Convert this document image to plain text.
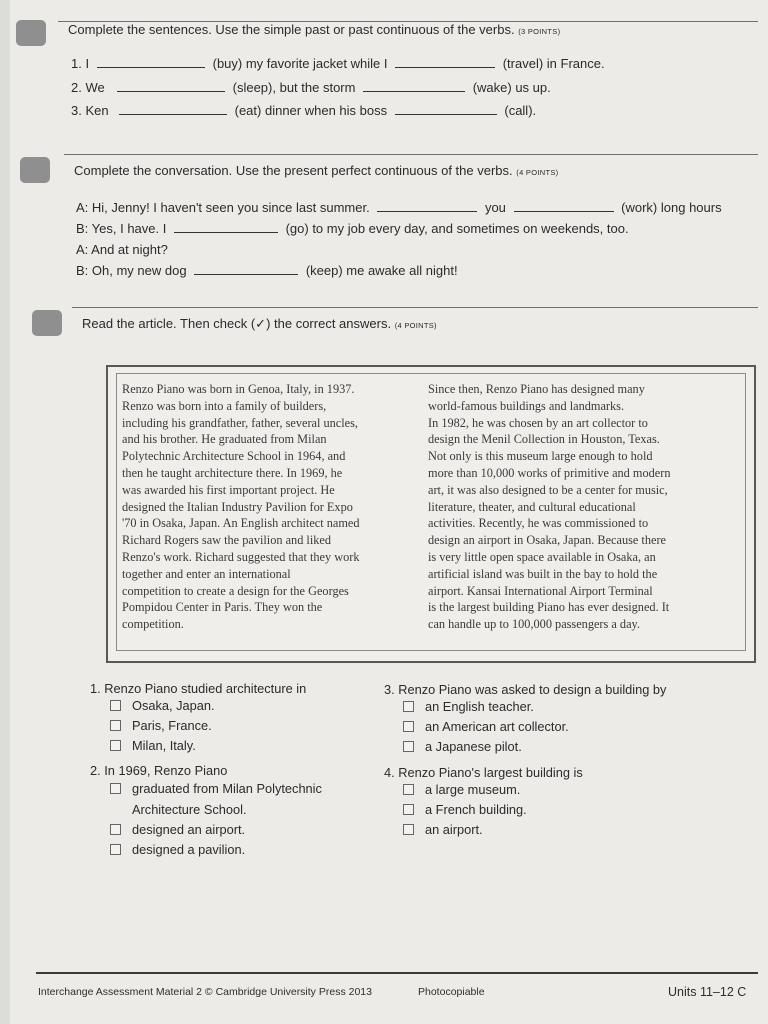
Complete the sentences. Use the simple past or past continuous of the verbs. (3 POINTS)
1. I	(buy) my favorite jacket while I	(travel) in France.
2. We	(sleep), but the storm	(wake) us up.
3. Ken	(eat) dinner when his boss	(call).
Complete the conversation. Use the present perfect continuous of the verbs. (4 POINTS)
A: Hi, Jenny! I haven't seen you since last summer.	you	(work) long hours
B: Yes, I have. I	(go) to my job every day, and sometimes on weekends, too.
A: And at night?
B: Oh, my new dog	(keep) me awake all night!
Read the article. Then check (✓) the correct answers. (4 POINTS)
Renzo Piano was born in Genoa, Italy, in 1937.
Renzo was born into a family of builders,
including his grandfather, father, several uncles,
and his brother. He graduated from Milan
Polytechnic Architecture School in 1964, and
then he taught architecture there. In 1969, he
was awarded his first important project. He
designed the Italian Industry Pavilion for Expo
'70 in Osaka, Japan. An English architect named
Richard Rogers saw the pavilion and liked
Renzo's work. Richard suggested that they work
together and enter an international
competition to create a design for the Georges
Pompidou Center in Paris. They won the
competition.
Since then, Renzo Piano has designed many
world-famous buildings and landmarks.
In 1982, he was chosen by an art collector to
design the Menil Collection in Houston, Texas.
Not only is this museum large enough to hold
more than 10,000 works of primitive and modern
art, it was also designed to be a center for music,
literature, theater, and cultural educational
activities. Recently, he was commissioned to
design an airport in Osaka, Japan. Because there
is very little open space available in Osaka, an
artificial island was built in the bay to hold the
airport. Kansai International Airport Terminal
is the largest building Piano has ever designed. It
can handle up to 100,000 passengers a day.
1. Renzo Piano studied architecture in
Osaka, Japan.
Paris, France.
Milan, Italy.
2. In 1969, Renzo Piano
graduated from Milan Polytechnic
Architecture School.
designed an airport.
designed a pavilion.
3. Renzo Piano was asked to design a building by
an English teacher.
an American art collector.
a Japanese pilot.
4. Renzo Piano's largest building is
a large museum.
a French building.
an airport.
Interchange Assessment Material 2 © Cambridge University Press 2013	Photocopiable	Units 11–12 C
